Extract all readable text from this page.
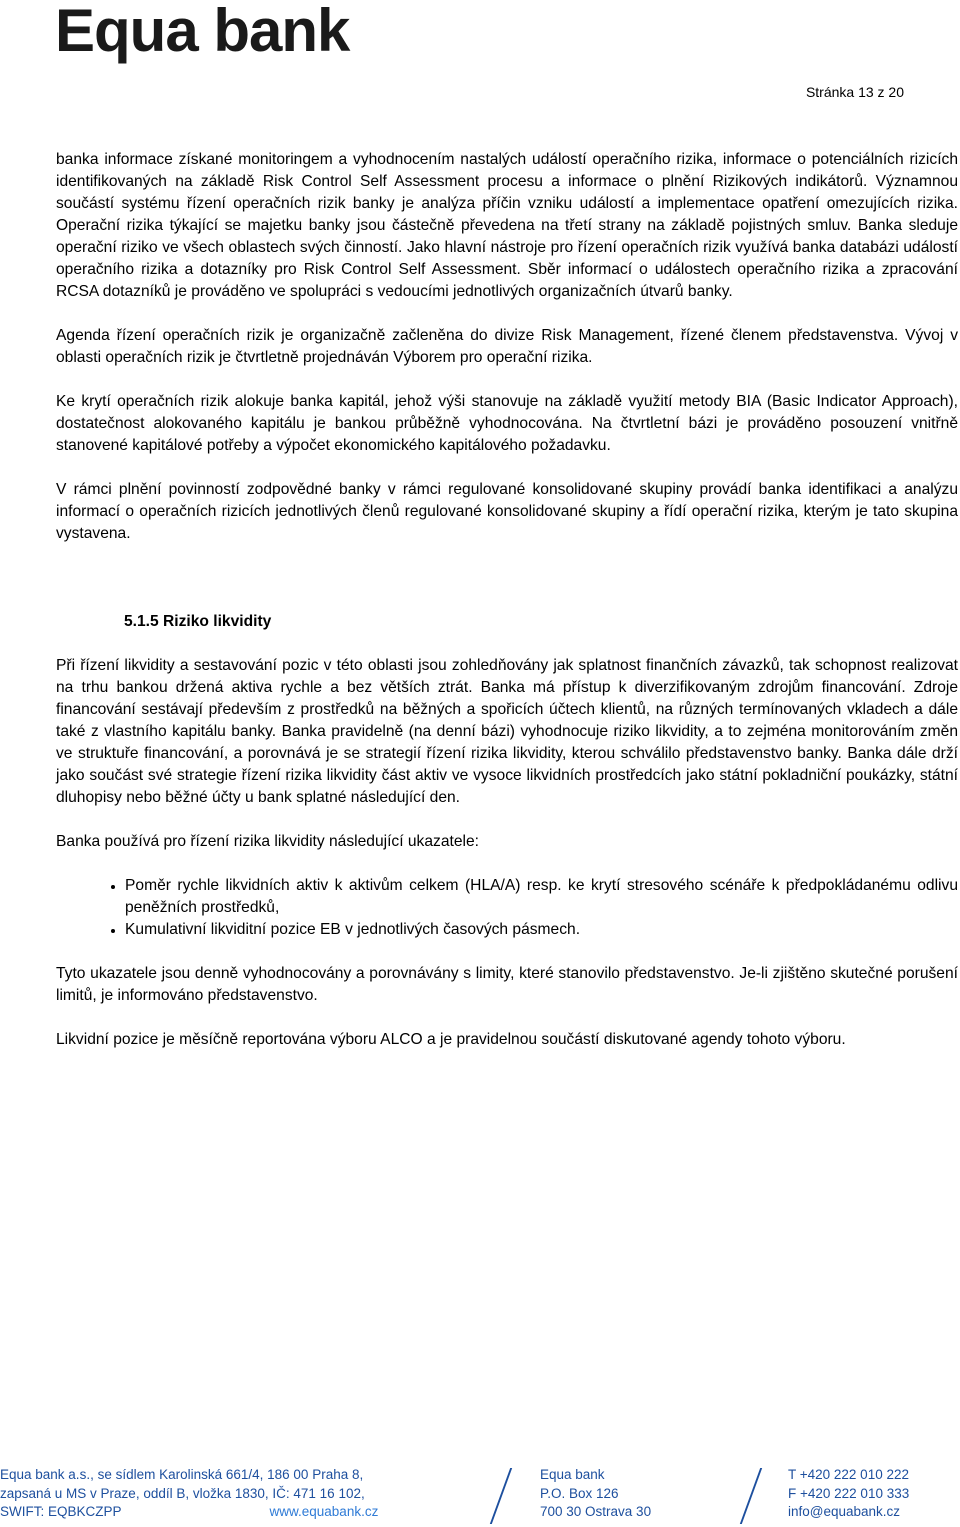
Equa bank
Stránka 13 z 20

banka informace získané monitoringem a vyhodnocením nastalých událostí operačního rizika, informace o potenciálních rizicích identifikovaných na základě Risk Control Self Assessment procesu a informace o plnění Rizikových indikátorů. Významnou součástí systému řízení operačních rizik banky je analýza příčin vzniku událostí a implementace opatření omezujících rizika. Operační rizika týkající se majetku banky jsou částečně převedena na třetí strany na základě pojistných smluv. Banka sleduje operační riziko ve všech oblastech svých činností. Jako hlavní nástroje pro řízení operačních rizik využívá banka databázi událostí operačního rizika a dotazníky pro Risk Control Self Assessment. Sběr informací o událostech operačního rizika a zpracování RCSA dotazníků je prováděno ve spolupráci s vedoucími jednotlivých organizačních útvarů banky.

Agenda řízení operačních rizik je organizačně začleněna do divize Risk Management, řízené členem představenstva. Vývoj v oblasti operačních rizik je čtvrtletně projednáván Výborem pro operační rizika.

Ke krytí operačních rizik alokuje banka kapitál, jehož výši stanovuje na základě využití metody BIA (Basic Indicator Approach), dostatečnost alokovaného kapitálu je bankou průběžně vyhodnocována. Na čtvrtletní bázi je prováděno posouzení vnitřně stanovené kapitálové potřeby a výpočet ekonomického kapitálového požadavku.

V rámci plnění povinností zodpovědné banky v rámci regulované konsolidované skupiny provádí banka identifikaci a analýzu informací o operačních rizicích jednotlivých členů regulované konsolidované skupiny a řídí operační rizika, kterým je tato skupina vystavena.

5.1.5 Riziko likvidity

Při řízení likvidity a sestavování pozic v této oblasti jsou zohledňovány jak splatnost finančních závazků, tak schopnost realizovat na trhu bankou držená aktiva rychle a bez větších ztrát. Banka má přístup k diverzifikovaným zdrojům financování. Zdroje financování sestávají především z prostředků na běžných a spořicích účtech klientů, na různých termínovaných vkladech a dále také z vlastního kapitálu banky. Banka pravidelně (na denní bázi) vyhodnocuje riziko likvidity, a to zejména monitorováním změn ve struktuře financování, a porovnává je se strategií řízení rizika likvidity, kterou schválilo představenstvo banky. Banka dále drží jako součást své strategie řízení rizika likvidity část aktiv ve vysoce likvidních prostředcích jako státní pokladniční poukázky, státní dluhopisy nebo běžné účty u bank splatné následující den.

Banka používá pro řízení rizika likvidity následující ukazatele:

• Poměr rychle likvidních aktiv k aktivům celkem (HLA/A) resp. ke krytí stresového scénáře k předpokládanému odlivu peněžních prostředků,
• Kumulativní likviditní pozice EB v jednotlivých časových pásmech.

Tyto ukazatele jsou denně vyhodnocovány a porovnávány s limity, které stanovilo představenstvo. Je-li zjištěno skutečné porušení limitů, je informováno představenstvo.

Likvidní pozice je měsíčně reportována výboru ALCO a je pravidelnou součástí diskutované agendy tohoto výboru.

Equa bank a.s., se sídlem Karolinská 661/4, 186 00 Praha 8,
zapsaná u MS v Praze, oddíl B, vložka 1830, IČ: 471 16 102,
SWIFT: EQBKCZPP	www.equabank.cz
Equa bank
P.O. Box 126
700 30 Ostrava 30
T +420 222 010 222
F +420 222 010 333
info@equabank.cz
